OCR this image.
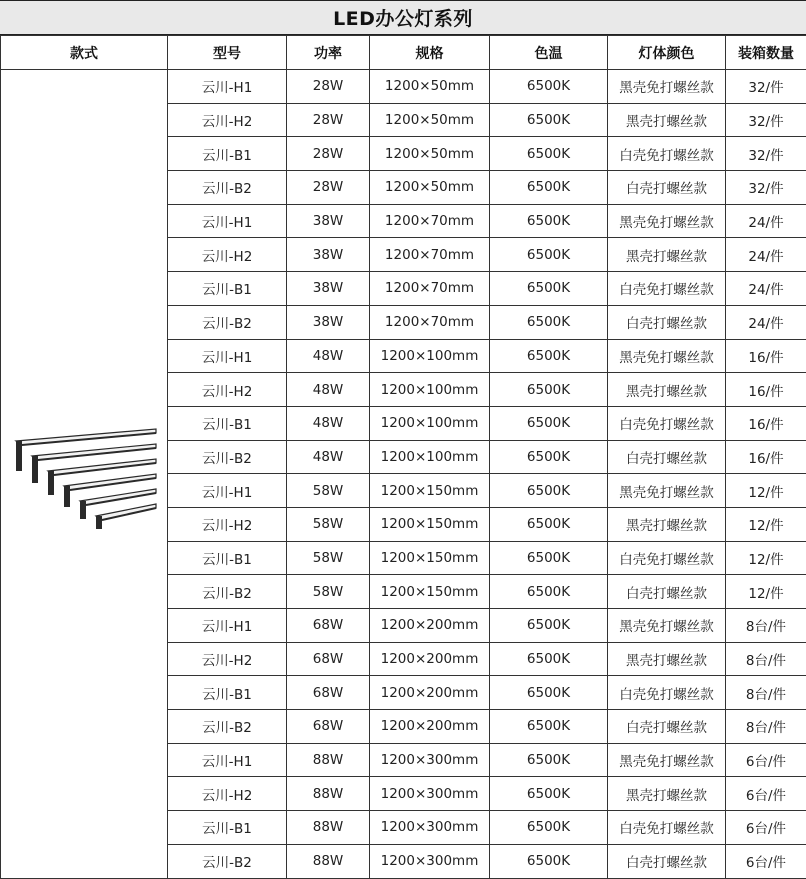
LED办公灯系列
款式	型号	功率	规格	色温	灯体颜色	装箱数量

	云川-H1	28W	1200×50mm	6500K	黑壳免打螺丝款	32/件
	云川-H2	28W	1200×50mm	6500K	黑壳打螺丝款	32/件
	云川-B1	28W	1200×50mm	6500K	白壳免打螺丝款	32/件
	云川-B2	28W	1200×50mm	6500K	白壳打螺丝款	32/件
	云川-H1	38W	1200×70mm	6500K	黑壳免打螺丝款	24/件
	云川-H2	38W	1200×70mm	6500K	黑壳打螺丝款	24/件
	云川-B1	38W	1200×70mm	6500K	白壳免打螺丝款	24/件
	云川-B2	38W	1200×70mm	6500K	白壳打螺丝款	24/件
	云川-H1	48W	1200×100mm	6500K	黑壳免打螺丝款	16/件
	云川-H2	48W	1200×100mm	6500K	黑壳打螺丝款	16/件
	云川-B1	48W	1200×100mm	6500K	白壳免打螺丝款	16/件
	云川-B2	48W	1200×100mm	6500K	白壳打螺丝款	16/件
	云川-H1	58W	1200×150mm	6500K	黑壳免打螺丝款	12/件
	云川-H2	58W	1200×150mm	6500K	黑壳打螺丝款	12/件
	云川-B1	58W	1200×150mm	6500K	白壳免打螺丝款	12/件
	云川-B2	58W	1200×150mm	6500K	白壳打螺丝款	12/件
	云川-H1	68W	1200×200mm	6500K	黑壳免打螺丝款	8台/件
	云川-H2	68W	1200×200mm	6500K	黑壳打螺丝款	8台/件
	云川-B1	68W	1200×200mm	6500K	白壳免打螺丝款	8台/件
	云川-B2	68W	1200×200mm	6500K	白壳打螺丝款	8台/件
	云川-H1	88W	1200×300mm	6500K	黑壳免打螺丝款	6台/件
	云川-H2	88W	1200×300mm	6500K	黑壳打螺丝款	6台/件
	云川-B1	88W	1200×300mm	6500K	白壳免打螺丝款	6台/件
	云川-B2	88W	1200×300mm	6500K	白壳打螺丝款	6台/件
